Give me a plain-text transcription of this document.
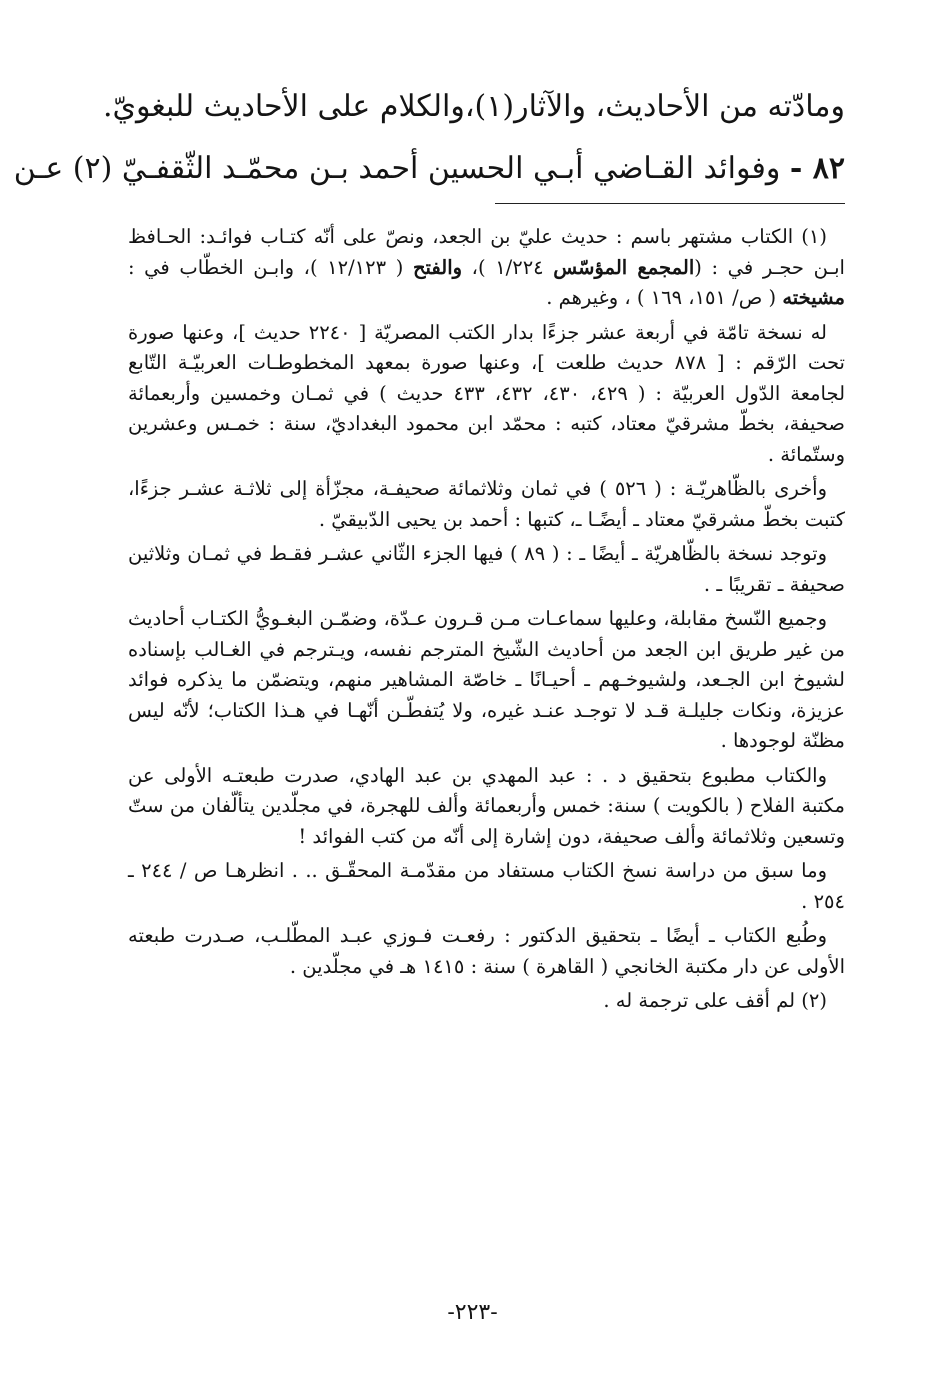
ومادّته من الأحاديث، والآثار(١)،والكلام على الأحاديث للبغويّ.
٨٢ - وفوائد القـاضي أبـي الحسين أحمد بـن محمّـد الثّقفـيّ (٢) عـن

(١) الكتاب مشتهر باسم : حديث عليّ بن الجعد، ونصّ على أنّه كتـاب فوائـد: الحـافظ ابـن حجـر في : (المجمع المؤسّس ١/٢٢٤ )، والفتح ( ١٢/١٢٣ )، وابـن الخطّاب في : مشيخته ( ص/ ١٥١، ١٦٩ ) ، وغيرهم .

له نسخة تامّة في أربعة عشر جزءًا بدار الكتب المصريّة [ ٢٢٤٠ حديث ]، وعنها صورة تحت الرّقم : [ ٨٧٨ حديث طلعت ]، وعنها صورة بمعهد المخطوطـات العربيّـة التّابع لجامعة الدّول العربيّة : ( ٤٢٩، ٤٣٠، ٤٣٢، ٤٣٣ حديث ) في ثمـان وخمسين وأربعمائة صحيفة، بخطّ مشرقيّ معتاد، كتبه : محمّد ابن محمود البغداديّ، سنة : خمـس وعشرين وستّمائة .

وأخرى بالظّاهريّـة : ( ٥٢٦ ) في ثمان وثلاثمائة صحيفـة، مجزّأة إلى ثلاثـة عشـر جزءًا، كتبت بخطّ مشرقيّ معتاد ـ أيضًـا ـ، كتبها : أحمد بن يحيى الدّبيقيّ .

وتوجد نسخة بالظّاهريّة ـ أيضًا ـ : ( ٨٩ ) فيها الجزء الثّاني عشـر فقـط في ثمـان وثلاثين صحيفة ـ تقريبًا ـ .

وجميع النّسخ مقابلة، وعليها سماعـات مـن قـرون عـدّة، وضمّـن البغـويُّ الكتـاب أحاديث من غير طريق ابن الجعد من أحاديث الشّيخ المترجم نفسه، ويـترجم في الغـالب بإسناده لشيوخ ابن الجـعد، ولشيوخـهم ـ أحيـانًا ـ خاصّة المشاهير منهم، ويتضمّن ما يذكره فوائد عزيزة، ونكات جليلـة قـد لا توجـد عنـد غيره، ولا يُتفطّـن أنّهـا في هـذا الكتاب؛ لأنّه ليس مظنّة لوجودها .

والكتاب مطبوع بتحقيق د . : عبد المهدي بن عبد الهادي، صدرت طبعتـه الأولى عن مكتبة الفلاح ( بالكويت ) سنة: خمس وأربعمائة وألف للهجرة، في مجلّدين يتألّفان من ستّ وتسعين وثلاثمائة وألف صحيفة، دون إشارة إلى أنّه من كتب الفوائد !

وما سبق من دراسة نسخ الكتاب مستفاد من مقدّمـة المحقّـق .. . انظرهـا ص / ٢٤٤ ـ ٢٥٤ .

وطُبع الكتاب ـ أيضًا ـ بتحقيق الدكتور : رفعـت فـوزي عبـد المطّلـب، صـدرت طبعته الأولى عن دار مكتبة الخانجي ( القاهرة ) سنة : ١٤١٥ هـ في مجلّدين .

(٢) لم أقف على ترجمة له .

-٢٢٣-
